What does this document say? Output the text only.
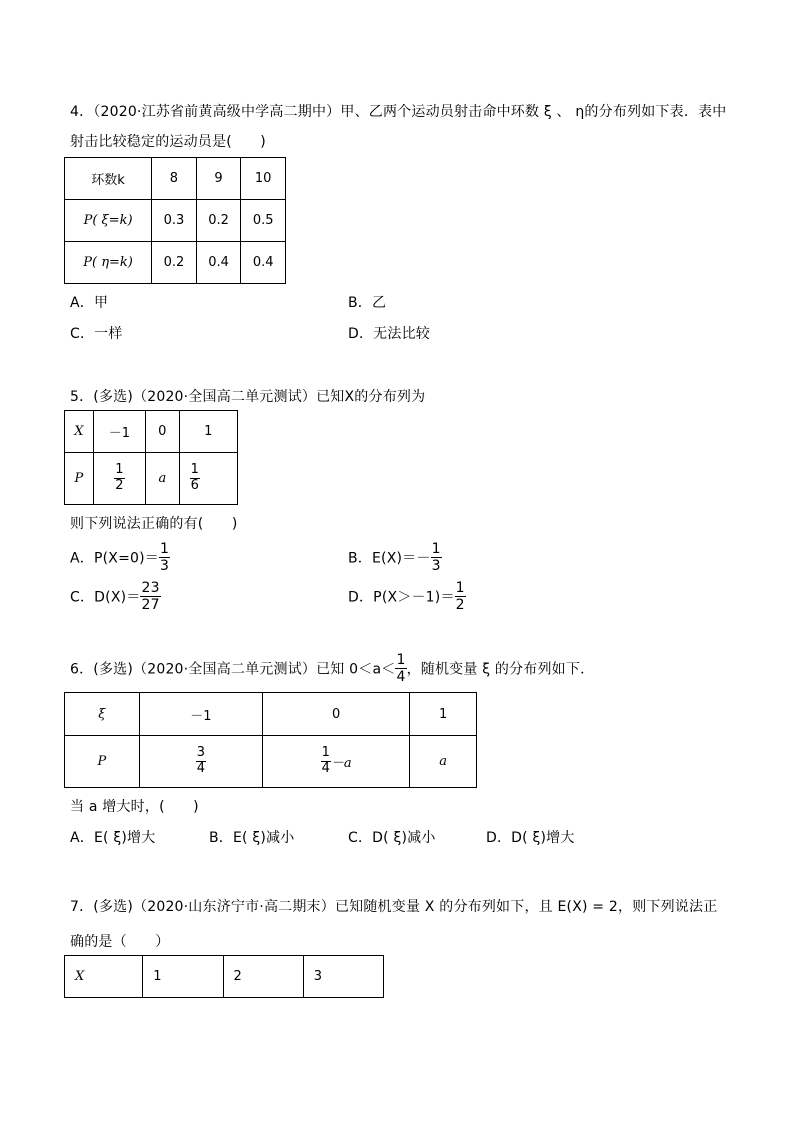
4．（2020·江苏省前黄高级中学高二期中）甲、乙两个运动员射击命中环数 ξ 、 η的分布列如下表．表中
射击比较稳定的运动员是(　　)
环数k	8	9	10
P( ξ=k)	0.3	0.2	0.5
P( η=k)	0.2	0.4	0.4
A．甲	B．乙
C．一样	D．无法比较
5．(多选)（2020·全国高二单元测试）已知X的分布列为
X	－1	0	1
P	$\frac{1}{2}$	a	$\frac{1}{6}$
则下列说法正确的有(　　)
A．$P(X=0)= \frac{1}{3}$	B．$E(X)=- \frac{1}{3}$
C．$D(X)= \frac{23}{27}$	D．$P(X>-1)= \frac{1}{2}$
6．(多选)（2020·全国高二单元测试）已知 $0<a< \frac{1}{4}$ ，随机变量 ξ 的分布列如下．
ξ	－1	0	1
P	$\frac{3}{4}$	$\frac{1}{4} -a$	a
当 a 增大时，(　　)
A．E( ξ)增大	B．E( ξ)减小	C．D( ξ)减小	D．D( ξ)增大
7．(多选)（2020·山东济宁市·高二期末）已知随机变量 X 的分布列如下，且 E(X) = 2，则下列说法正
确的是（　　）
X	1	2	3
